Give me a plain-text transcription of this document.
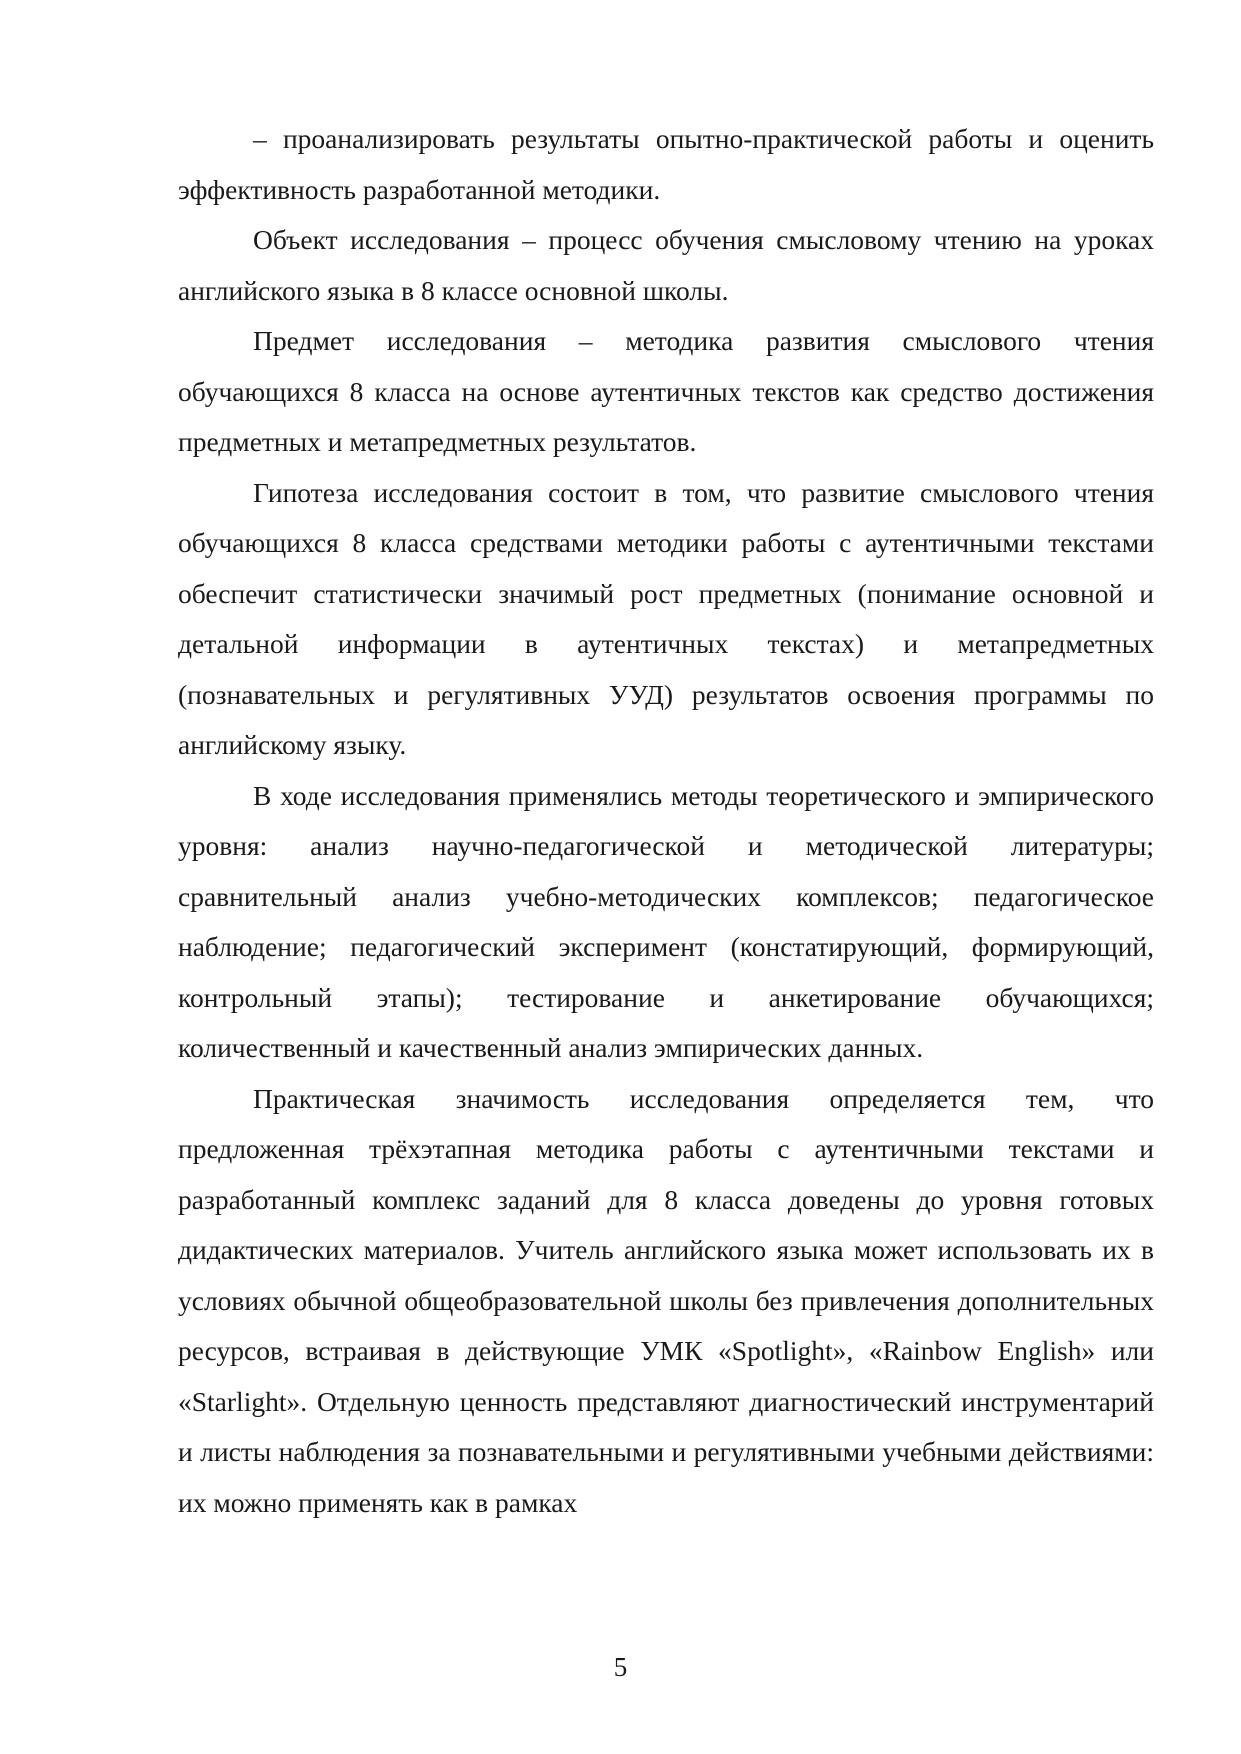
– проанализировать результаты опытно-практической работы и оценить эффективность разработанной методики.

Объект исследования – процесс обучения смысловому чтению на уроках английского языка в 8 классе основной школы.

Предмет исследования – методика развития смыслового чтения обучающихся 8 класса на основе аутентичных текстов как средство достижения предметных и метапредметных результатов.

Гипотеза исследования состоит в том, что развитие смыслового чтения обучающихся 8 класса средствами методики работы с аутентичными текстами обеспечит статистически значимый рост предметных (понимание основной и детальной информации в аутентичных текстах) и метапредметных (познавательных и регулятивных УУД) результатов освоения программы по английскому языку.

В ходе исследования применялись методы теоретического и эмпирического уровня: анализ научно-педагогической и методической литературы; сравнительный анализ учебно-методических комплексов; педагогическое наблюдение; педагогический эксперимент (констатирующий, формирующий, контрольный этапы); тестирование и анкетирование обучающихся; количественный и качественный анализ эмпирических данных.

Практическая значимость исследования определяется тем, что предложенная трёхэтапная методика работы с аутентичными текстами и разработанный комплекс заданий для 8 класса доведены до уровня готовых дидактических материалов. Учитель английского языка может использовать их в условиях обычной общеобразовательной школы без привлечения дополнительных ресурсов, встраивая в действующие УМК «Spotlight», «Rainbow English» или «Starlight». Отдельную ценность представляют диагностический инструментарий и листы наблюдения за познавательными и регулятивными учебными действиями: их можно применять как в рамках

5
